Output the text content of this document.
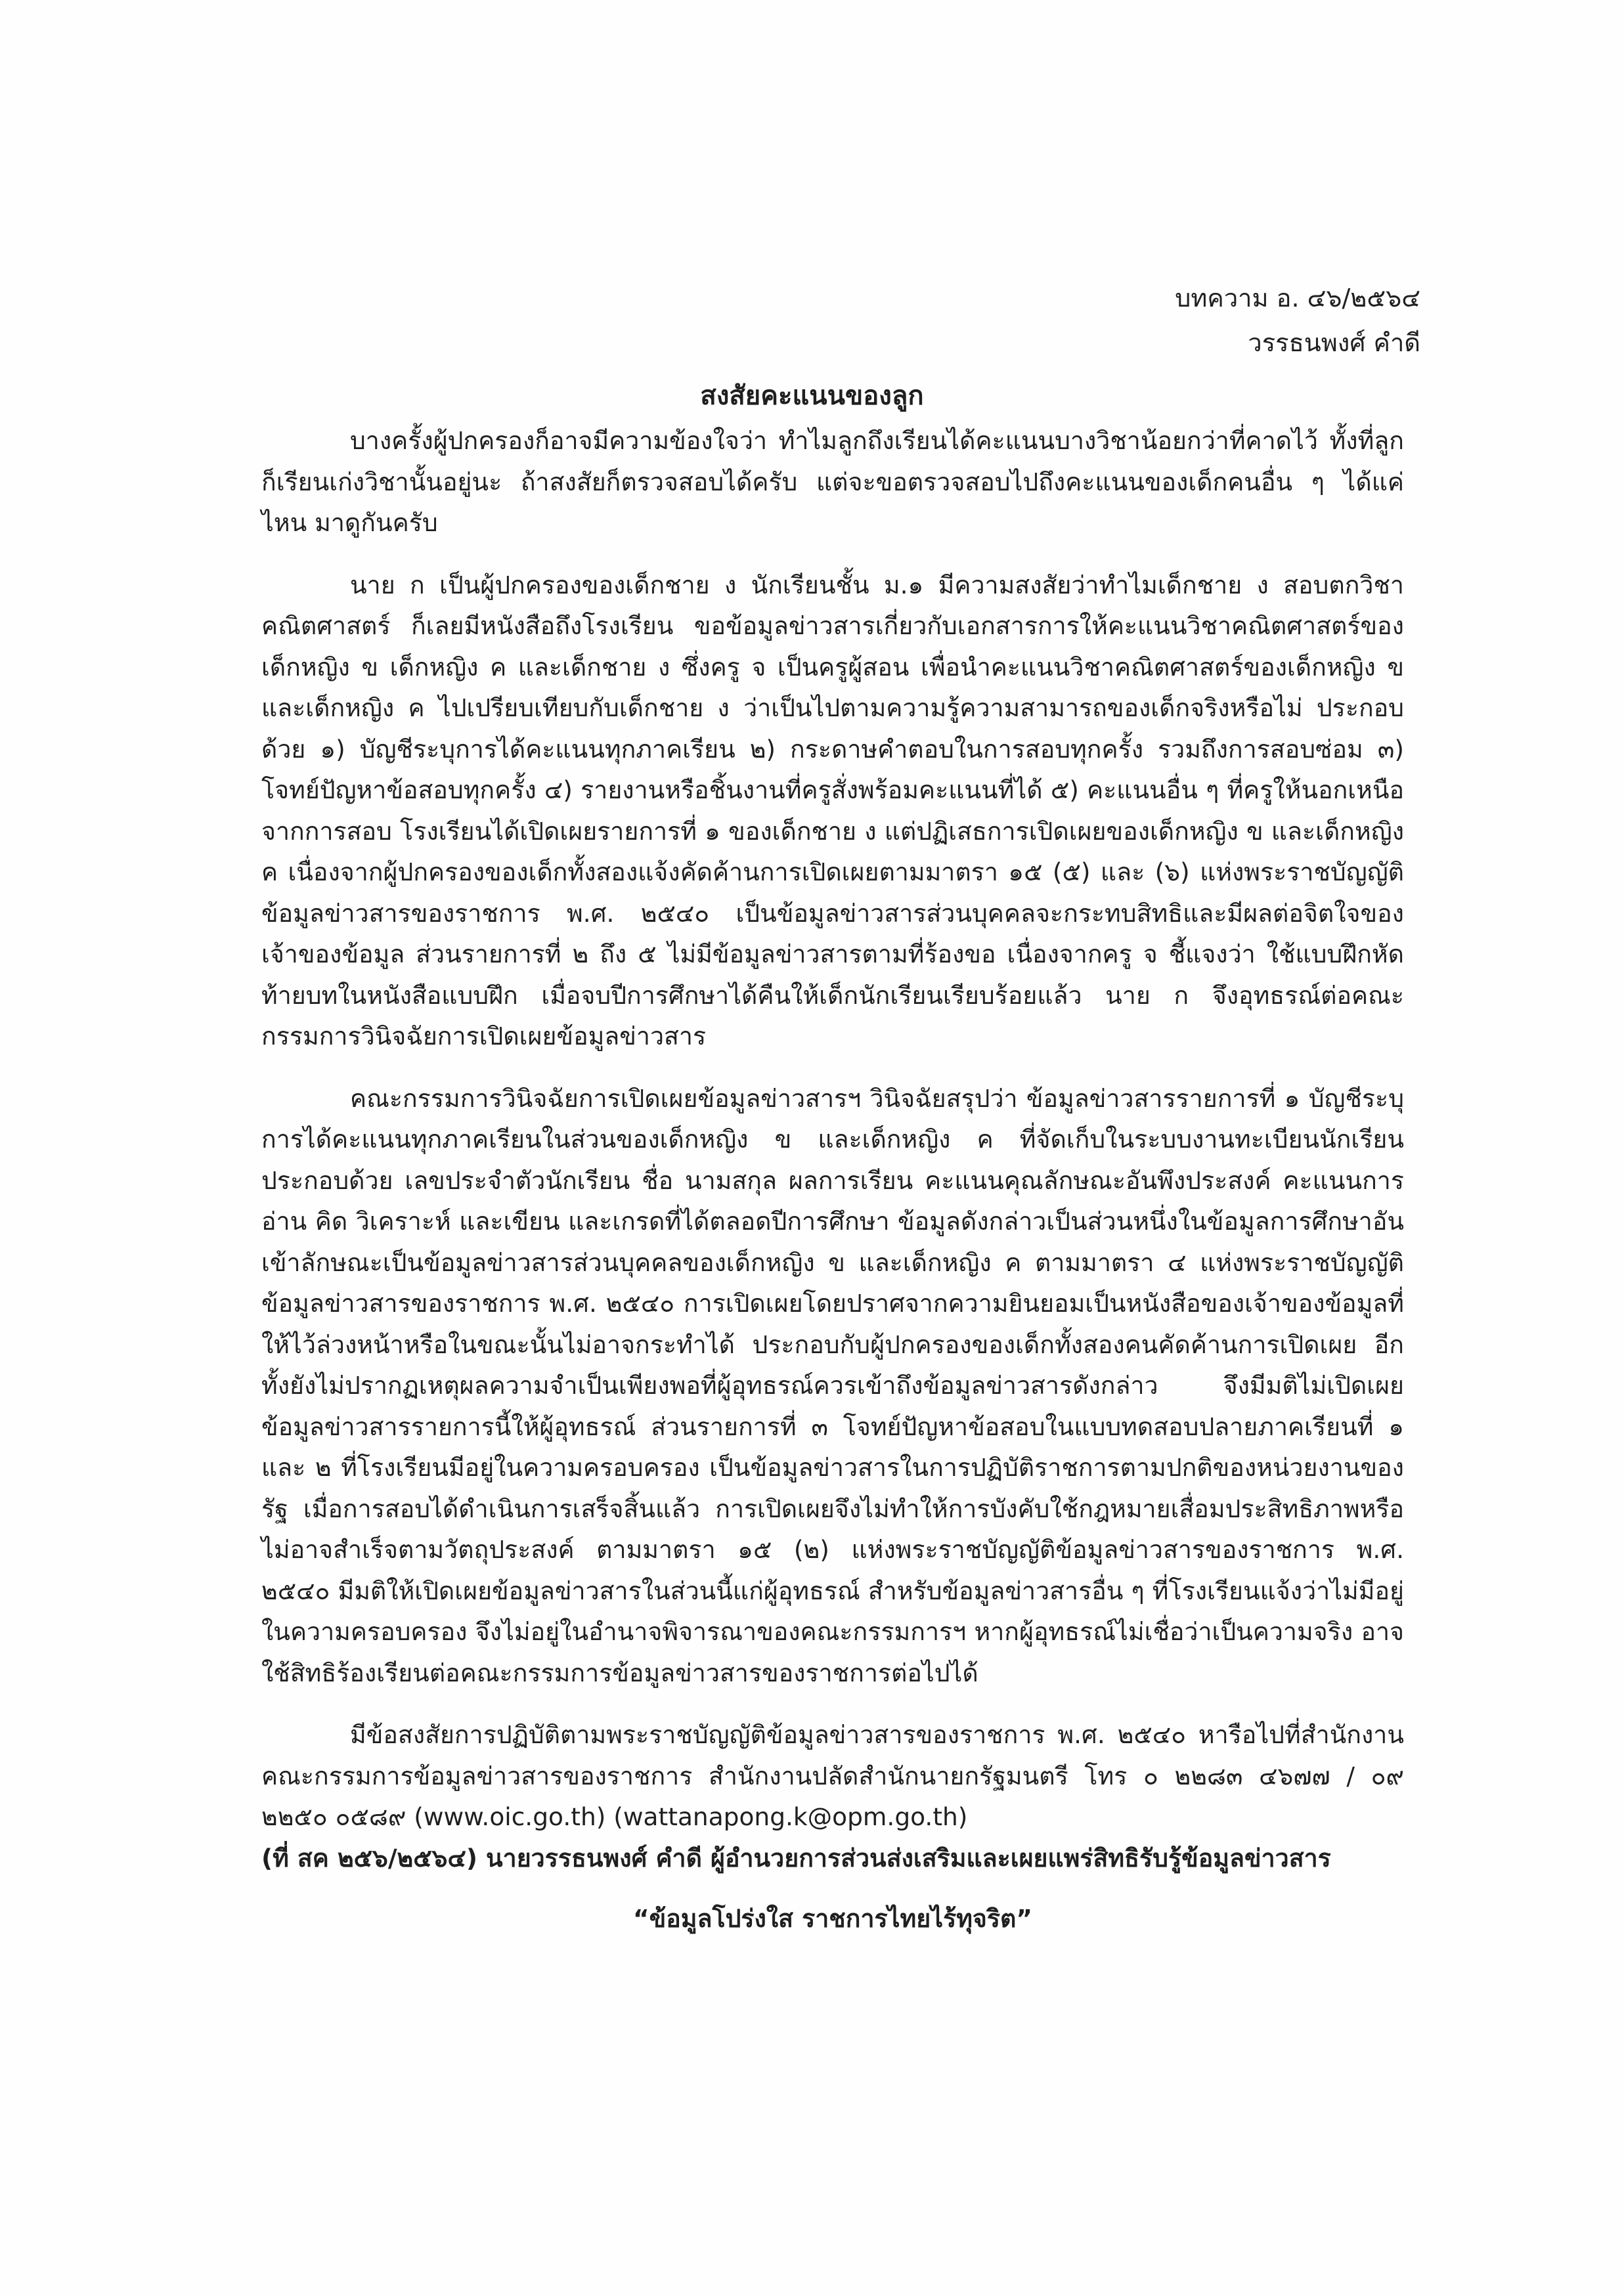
บทความ อ. ๔๖/๒๕๖๔
วรรธนพงศ์ คำดี
สงสัยคะแนนของลูก

บางครั้งผู้ปกครองก็อาจมีความข้องใจว่า ทำไมลูกถึงเรียนได้คะแนนบางวิชาน้อยกว่าที่คาดไว้ ทั้งที่ลูกก็เรียนเก่งวิชานั้นอยู่นะ ถ้าสงสัยก็ตรวจสอบได้ครับ แต่จะขอตรวจสอบไปถึงคะแนนของเด็กคนอื่น ๆ ได้แค่ไหน มาดูกันครับ

นาย ก เป็นผู้ปกครองของเด็กชาย ง นักเรียนชั้น ม.๑ มีความสงสัยว่าทำไมเด็กชาย ง สอบตกวิชาคณิตศาสตร์ ก็เลยมีหนังสือถึงโรงเรียน ขอข้อมูลข่าวสารเกี่ยวกับเอกสารการให้คะแนนวิชาคณิตศาสตร์ของเด็กหญิง ข เด็กหญิง ค และเด็กชาย ง ซึ่งครู จ เป็นครูผู้สอน เพื่อนำคะแนนวิชาคณิตศาสตร์ของเด็กหญิง ข และเด็กหญิง ค ไปเปรียบเทียบกับเด็กชาย ง ว่าเป็นไปตามความรู้ความสามารถของเด็กจริงหรือไม่ ประกอบด้วย ๑) บัญชีระบุการได้คะแนนทุกภาคเรียน ๒) กระดาษคำตอบในการสอบทุกครั้ง รวมถึงการสอบซ่อม ๓) โจทย์ปัญหาข้อสอบทุกครั้ง ๔) รายงานหรือชิ้นงานที่ครูสั่งพร้อมคะแนนที่ได้ ๕) คะแนนอื่น ๆ ที่ครูให้นอกเหนือจากการสอบ โรงเรียนได้เปิดเผยรายการที่ ๑ ของเด็กชาย ง แต่ปฏิเสธการเปิดเผยของเด็กหญิง ข และเด็กหญิง ค เนื่องจากผู้ปกครองของเด็กทั้งสองแจ้งคัดค้านการเปิดเผยตามมาตรา ๑๕ (๕) และ (๖) แห่งพระราชบัญญัติข้อมูลข่าวสารของราชการ พ.ศ. ๒๕๔๐ เป็นข้อมูลข่าวสารส่วนบุคคลจะกระทบสิทธิและมีผลต่อจิตใจของเจ้าของข้อมูล ส่วนรายการที่ ๒ ถึง ๕ ไม่มีข้อมูลข่าวสารตามที่ร้องขอ เนื่องจากครู จ ชี้แจงว่า ใช้แบบฝึกหัดท้ายบทในหนังสือแบบฝึก เมื่อจบปีการศึกษาได้คืนให้เด็กนักเรียนเรียบร้อยแล้ว นาย ก จึงอุทธรณ์ต่อคณะกรรมการวินิจฉัยการเปิดเผยข้อมูลข่าวสาร

คณะกรรมการวินิจฉัยการเปิดเผยข้อมูลข่าวสารฯ วินิจฉัยสรุปว่า ข้อมูลข่าวสารรายการที่ ๑ บัญชีระบุการได้คะแนนทุกภาคเรียนในส่วนของเด็กหญิง ข และเด็กหญิง ค ที่จัดเก็บในระบบงานทะเบียนนักเรียนประกอบด้วย เลขประจำตัวนักเรียน ชื่อ นามสกุล ผลการเรียน คะแนนคุณลักษณะอันพึงประสงค์ คะแนนการอ่าน คิด วิเคราะห์ และเขียน และเกรดที่ได้ตลอดปีการศึกษา ข้อมูลดังกล่าวเป็นส่วนหนึ่งในข้อมูลการศึกษาอันเข้าลักษณะเป็นข้อมูลข่าวสารส่วนบุคคลของเด็กหญิง ข และเด็กหญิง ค ตามมาตรา ๔ แห่งพระราชบัญญัติข้อมูลข่าวสารของราชการ พ.ศ. ๒๕๔๐ การเปิดเผยโดยปราศจากความยินยอมเป็นหนังสือของเจ้าของข้อมูลที่ให้ไว้ล่วงหน้าหรือในขณะนั้นไม่อาจกระทำได้ ประกอบกับผู้ปกครองของเด็กทั้งสองคนคัดค้านการเปิดเผย อีกทั้งยังไม่ปรากฏเหตุผลความจำเป็นเพียงพอที่ผู้อุทธรณ์ควรเข้าถึงข้อมูลข่าวสารดังกล่าว จึงมีมติไม่เปิดเผยข้อมูลข่าวสารรายการนี้ให้ผู้อุทธรณ์ ส่วนรายการที่ ๓ โจทย์ปัญหาข้อสอบในแบบทดสอบปลายภาคเรียนที่ ๑ และ ๒ ที่โรงเรียนมีอยู่ในความครอบครอง เป็นข้อมูลข่าวสารในการปฏิบัติราชการตามปกติของหน่วยงานของรัฐ เมื่อการสอบได้ดำเนินการเสร็จสิ้นแล้ว การเปิดเผยจึงไม่ทำให้การบังคับใช้กฎหมายเสื่อมประสิทธิภาพหรือไม่อาจสำเร็จตามวัตถุประสงค์ ตามมาตรา ๑๕ (๒) แห่งพระราชบัญญัติข้อมูลข่าวสารของราชการ พ.ศ. ๒๕๔๐ มีมติให้เปิดเผยข้อมูลข่าวสารในส่วนนี้แก่ผู้อุทธรณ์ สำหรับข้อมูลข่าวสารอื่น ๆ ที่โรงเรียนแจ้งว่าไม่มีอยู่ในความครอบครอง จึงไม่อยู่ในอำนาจพิจารณาของคณะกรรมการฯ หากผู้อุทธรณ์ไม่เชื่อว่าเป็นความจริง อาจใช้สิทธิร้องเรียนต่อคณะกรรมการข้อมูลข่าวสารของราชการต่อไปได้

มีข้อสงสัยการปฏิบัติตามพระราชบัญญัติข้อมูลข่าวสารของราชการ พ.ศ. ๒๕๔๐ หารือไปที่สำนักงานคณะกรรมการข้อมูลข่าวสารของราชการ สำนักงานปลัดสำนักนายกรัฐมนตรี โทร ๐ ๒๒๘๓ ๔๖๗๗ / ๐๙ ๒๒๕๐ ๐๕๘๙ (www.oic.go.th) (wattanapong.k@opm.go.th)

(ที่ สค ๒๕๖/๒๕๖๔) นายวรรธนพงศ์ คำดี ผู้อำนวยการส่วนส่งเสริมและเผยแพร่สิทธิรับรู้ข้อมูลข่าวสาร

“ข้อมูลโปร่งใส ราชการไทยไร้ทุจริต”
